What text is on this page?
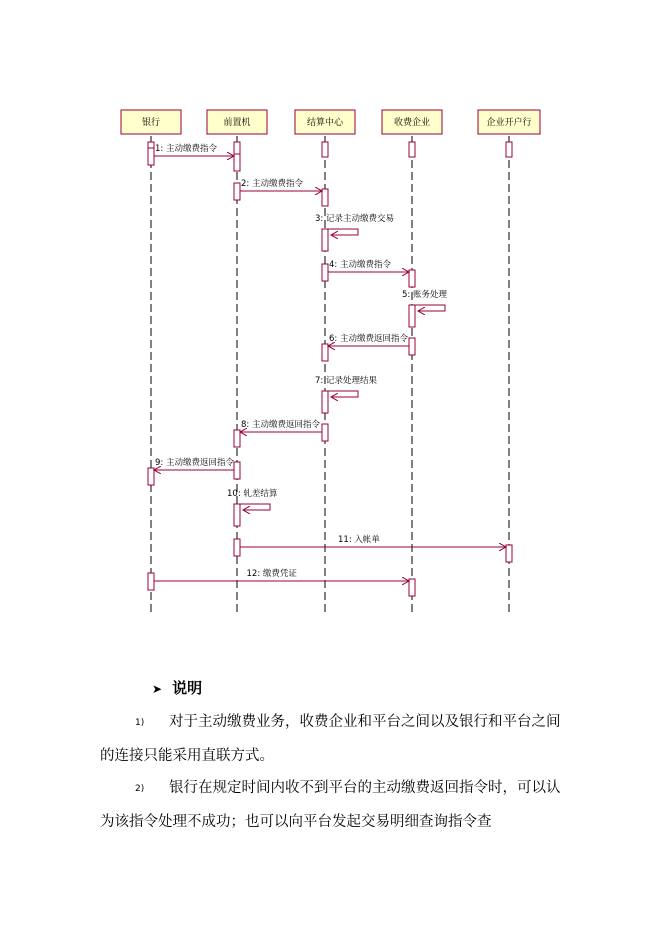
银行	前置机	结算中心	收费企业	企业开户行
1: 主动缴费指令
2: 主动缴费指令
3: 记录主动缴费交易
4: 主动缴费指令
5: 账务处理
6: 主动缴费返回指令
7: 记录处理结果
8: 主动缴费返回指令
9: 主动缴费返回指令
10: 轧差结算
11: 入帐单
12: 缴费凭证
➤ 说明
1) 对于主动缴费业务，收费企业和平台之间以及银行和平台之间的连接只能采用直联方式。
2) 银行在规定时间内收不到平台的主动缴费返回指令时，可以认为该指令处理不成功；也可以向平台发起交易明细查询指令查
